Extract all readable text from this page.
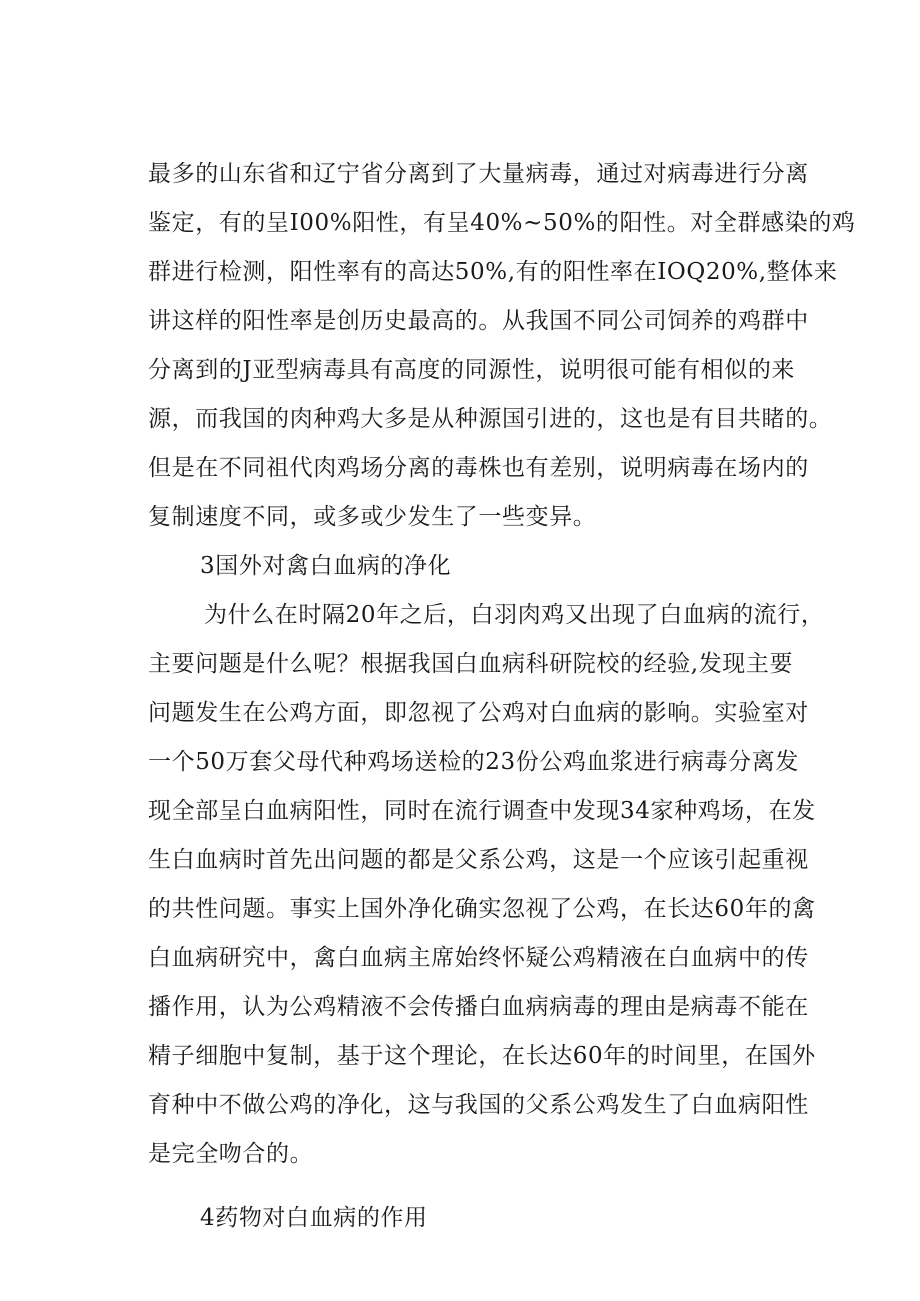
最多的山东省和辽宁省分离到了大量病毒，通过对病毒进行分离
鉴定，有的呈I00%阳性，有呈40%~50%的阳性。对全群感染的鸡
群进行检测，阳性率有的高达50%,有的阳性率在IOQ20%,整体来
讲这样的阳性率是创历史最高的。从我国不同公司饲养的鸡群中
分离到的J亚型病毒具有高度的同源性，说明很可能有相似的来
源，而我国的肉种鸡大多是从种源国引进的，这也是有目共睹的。
但是在不同祖代肉鸡场分离的毒株也有差别，说明病毒在场内的
复制速度不同，或多或少发生了一些变异。
3国外对禽白血病的净化
为什么在时隔20年之后，白羽肉鸡又出现了白血病的流行，
主要问题是什么呢？根据我国白血病科研院校的经验,发现主要
问题发生在公鸡方面，即忽视了公鸡对白血病的影响。实验室对
一个50万套父母代种鸡场送检的23份公鸡血浆进行病毒分离发
现全部呈白血病阳性，同时在流行调查中发现34家种鸡场，在发
生白血病时首先出问题的都是父系公鸡，这是一个应该引起重视
的共性问题。事实上国外净化确实忽视了公鸡，在长达60年的禽
白血病研究中，禽白血病主席始终怀疑公鸡精液在白血病中的传
播作用，认为公鸡精液不会传播白血病病毒的理由是病毒不能在
精子细胞中复制，基于这个理论，在长达60年的时间里，在国外
育种中不做公鸡的净化，这与我国的父系公鸡发生了白血病阳性
是完全吻合的。
4药物对白血病的作用
